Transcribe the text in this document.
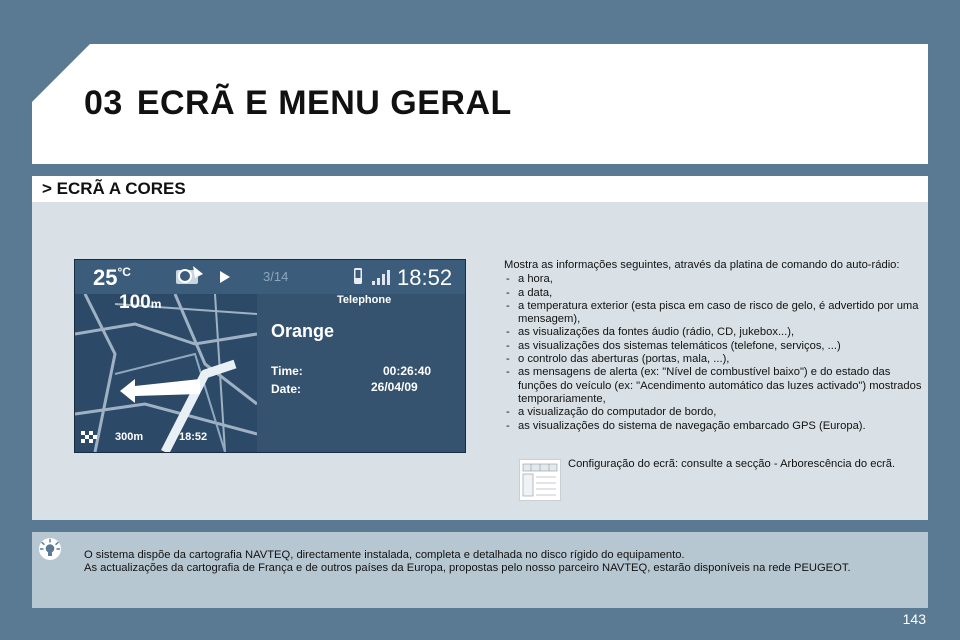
03 ECRÃ E MENU GERAL
> ECRÃ A CORES
$25^{^\circ C}$	3/14	18:52
100m	Telephone
Orange
Time:	00:26:40
Date:	26/04/09
300m	18:52

Mostra as informações seguintes, através da platina de comando do auto-rádio:

- a hora,
- a data,
- a temperatura exterior (esta pisca em caso de risco de gelo, é advertido por uma mensagem),
- as visualizações da fontes áudio (rádio, CD, jukebox...),
- as visualizações dos sistemas telemáticos (telefone, serviços, ...)
- o controlo das aberturas (portas, mala, ...),
- as mensagens de alerta (ex: "Nível de combustível baixo") e do estado das funções do veículo (ex: "Acendimento automático das luzes activado") mostrados temporariamente,
- a visualização do computador de bordo,
- as visualizações do sistema de navegação embarcado GPS (Europa).
Configuração do ecrã: consulte a secção - Arborescência do ecrã.

O sistema dispõe da cartografia NAVTEQ, directamente instalada, completa e detalhada no disco rígido do equipamento.

As actualizações da cartografia de França e de outros países da Europa, propostas pelo nosso parceiro NAVTEQ, estarão disponíveis na rede PEUGEOT.

143
